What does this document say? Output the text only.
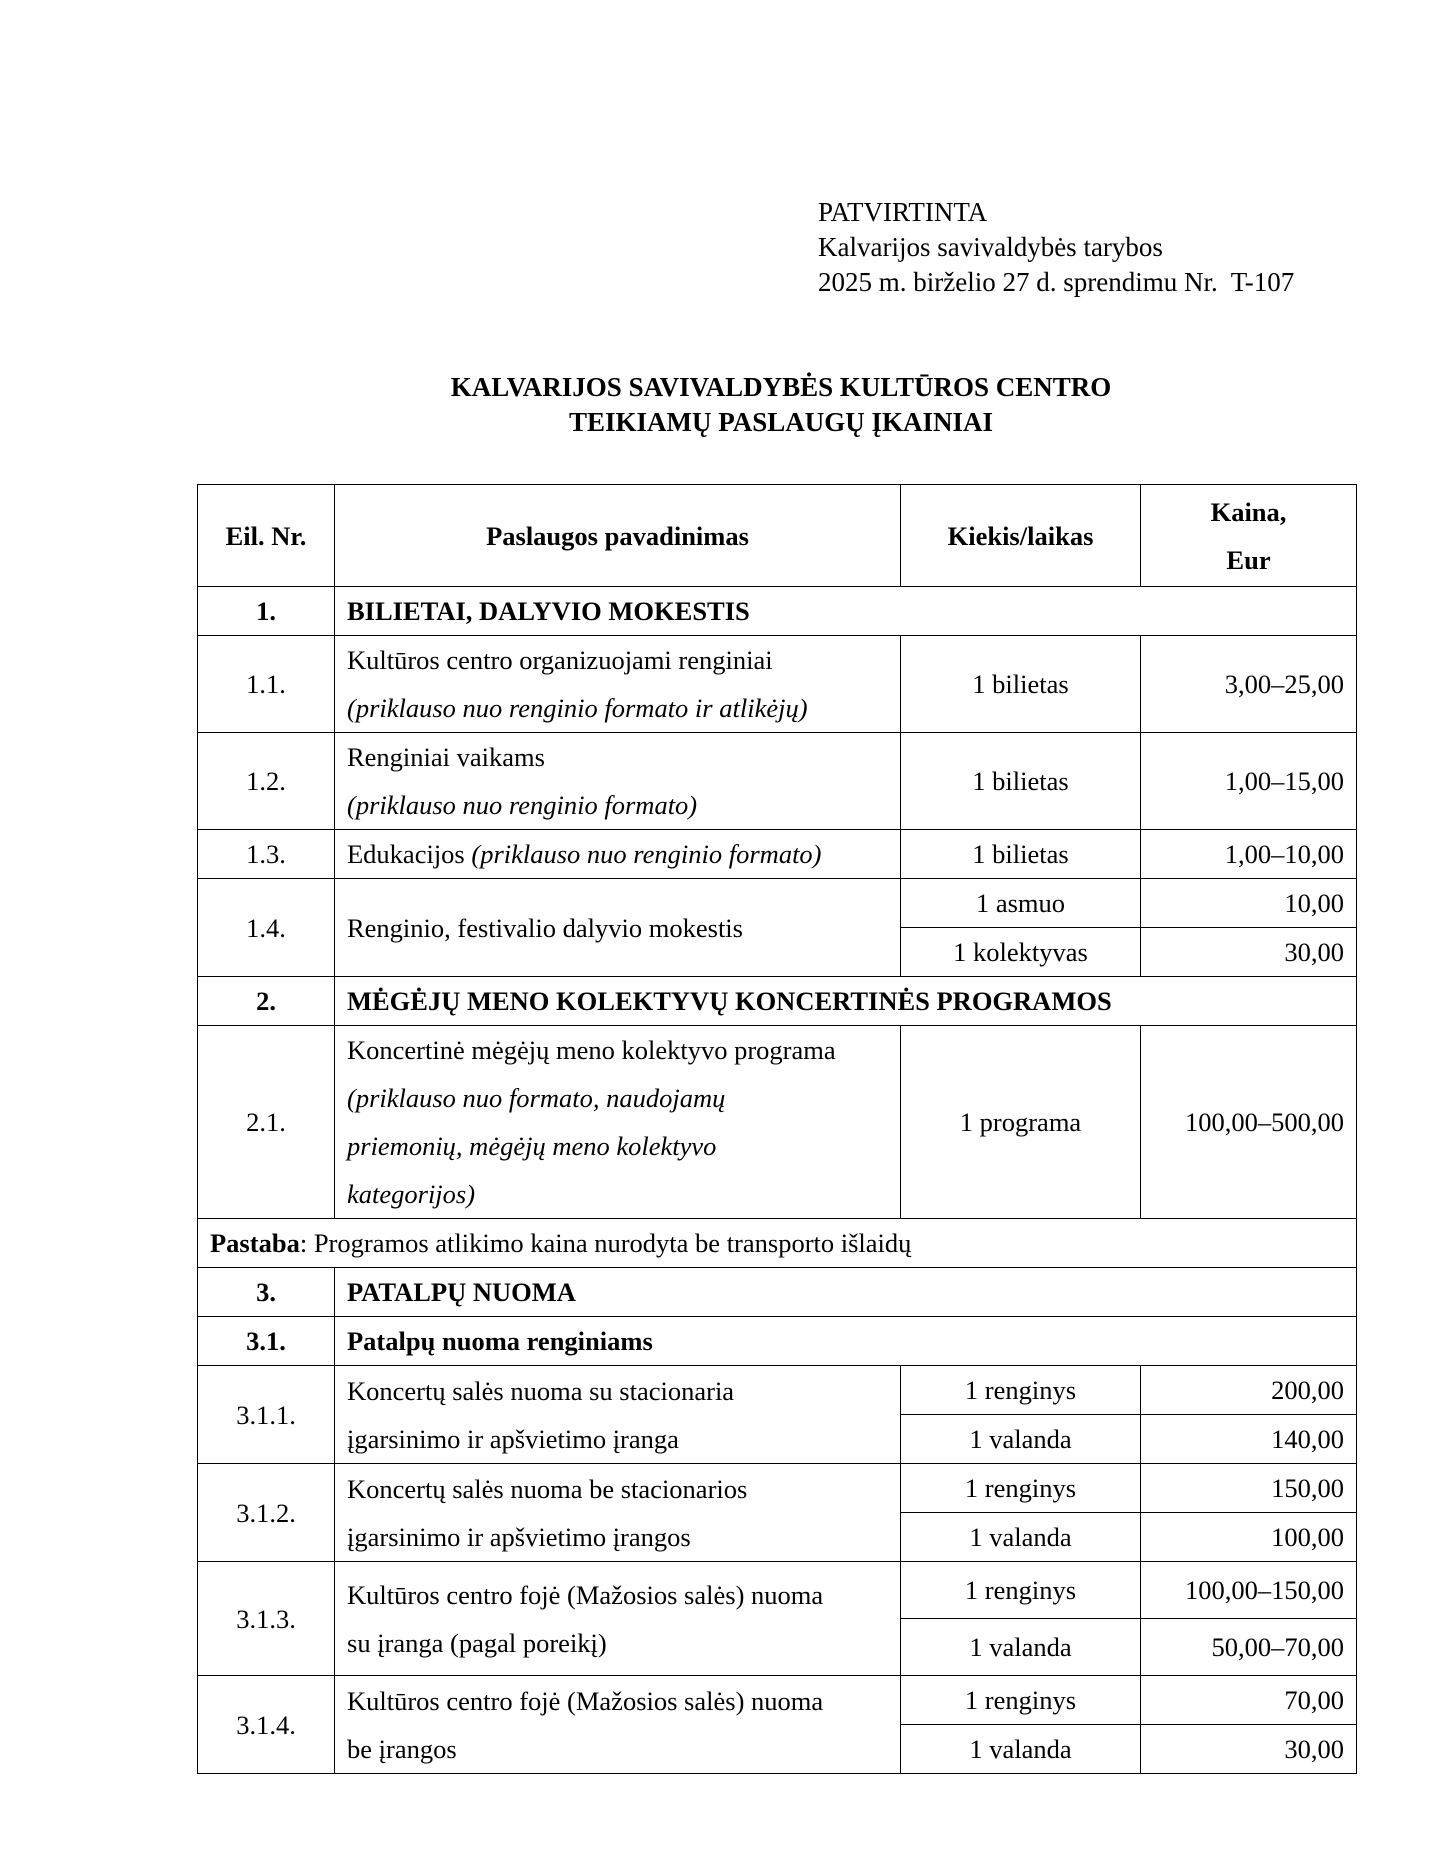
PATVIRTINTA
Kalvarijos savivaldybės tarybos
2025 m. birželio 27 d. sprendimu Nr.  T-107
KALVARIJOS SAVIVALDYBĖS KULTŪROS CENTRO
TEIKIAMŲ PASLAUGŲ ĮKAINIAI
Eil. Nr.	Paslaugos pavadinimas	Kiekis/laikas	Kaina,
Eur

1.	BILIETAI, DALYVIO MOKESTIS		
1.1.	Kultūros centro organizuojami renginiai
(priklauso nuo renginio formato ir atlikėjų)	1 bilietas	3,00–25,00
1.2.	Renginiai vaikams
(priklauso nuo renginio formato)	1 bilietas	1,00–15,00
1.3.	Edukacijos (priklauso nuo renginio formato)	1 bilietas	1,00–10,00
1.4.	Renginio, festivalio dalyvio mokestis	1 asmuo	10,00
		1 kolektyvas	30,00
2.	MĖGĖJŲ MENO KOLEKTYVŲ KONCERTINĖS PROGRAMOS		
2.1.	Koncertinė mėgėjų meno kolektyvo programa
(priklauso nuo formato, naudojamų
priemonių, mėgėjų meno kolektyvo
kategorijos)	1 programa	100,00–500,00
Pastaba: Programos atlikimo kaina nurodyta be transporto išlaidų			
3.	PATALPŲ NUOMA		
3.1.	Patalpų nuoma renginiams		
3.1.1.	Koncertų salės nuoma su stacionaria
įgarsinimo ir apšvietimo įranga	1 renginys	200,00
		1 valanda	140,00
3.1.2.	Koncertų salės nuoma be stacionarios
įgarsinimo ir apšvietimo įrangos	1 renginys	150,00
		1 valanda	100,00
3.1.3.	Kultūros centro fojė (Mažosios salės) nuoma
su įranga (pagal poreikį)	1 renginys	100,00–150,00
		1 valanda	50,00–70,00
3.1.4.	Kultūros centro fojė (Mažosios salės) nuoma
be įrangos	1 renginys	70,00
		1 valanda	30,00
